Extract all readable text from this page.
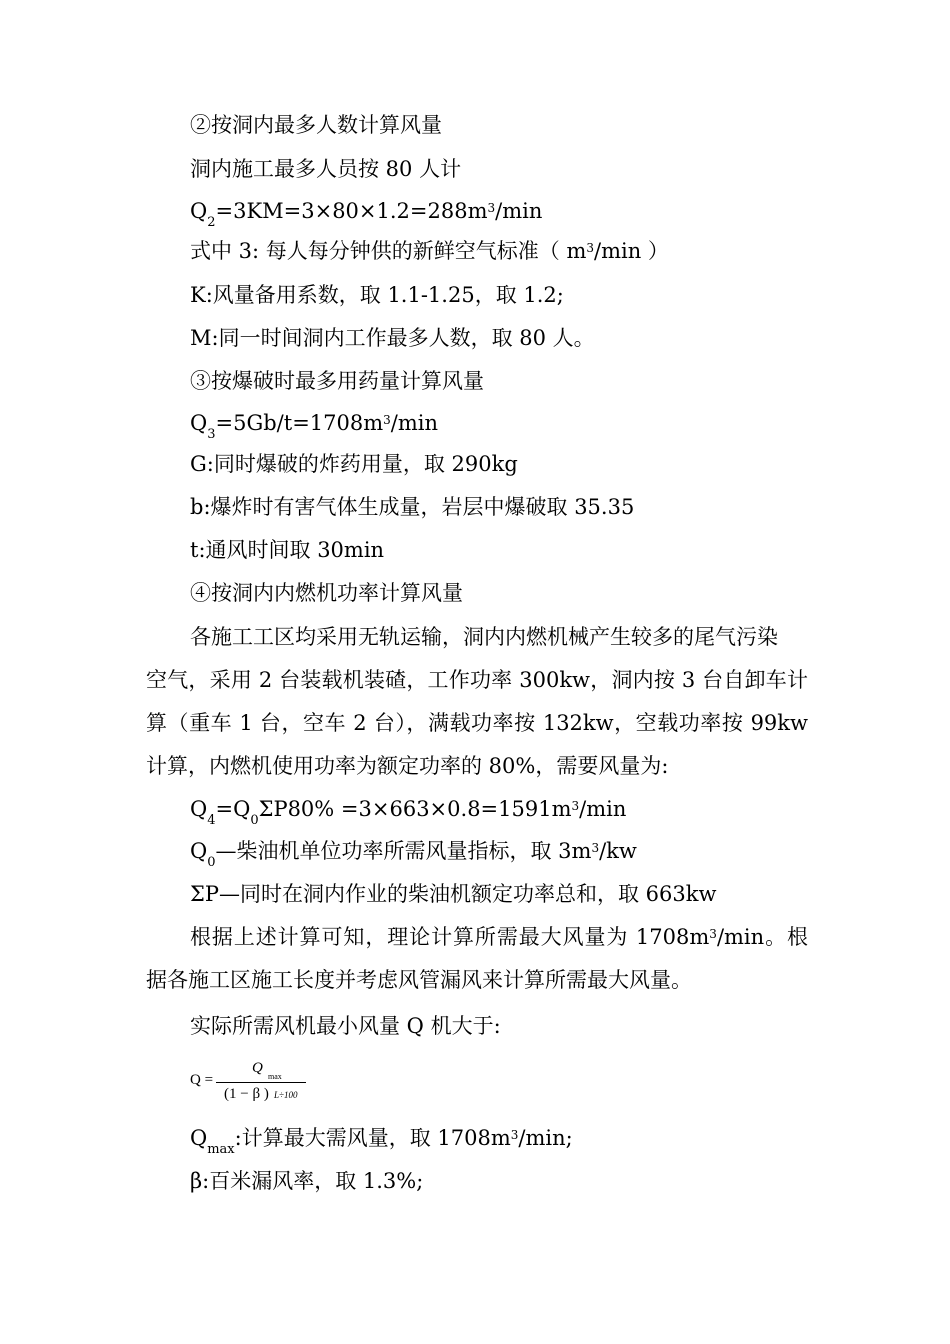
②按洞内最多人数计算风量
洞内施工最多人员按 80 人计
$Q_2=3KM=3\times 80\times 1.2=288m^3/\min$
式中 3: 每人每分钟供的新鲜空气标准（ $m^3/\min$ ）
K:风量备用系数，取 1.1-1.25，取 1.2;
M:同一时间洞内工作最多人数，取 80 人。
③按爆破时最多用药量计算风量
$Q_3=5Gb/t=1708m^3/\min$
G:同时爆破的炸药用量，取 290kg
b:爆炸时有害气体生成量，岩层中爆破取 35.35
t:通风时间取 30min
④按洞内内燃机功率计算风量
各施工工区均采用无轨运输，洞内内燃机械产生较多的尾气污染
空气，采用 2 台装载机装碴，工作功率 300kw，洞内按 3 台自卸车计
算（重车 1 台，空车 2 台），满载功率按 132kw，空载功率按 99kw
计算，内燃机使用功率为额定功率的 80%，需要风量为:
$Q_4=Q_0\Sigma P80\% =3\times 663\times 0.8=1591m^3/\min$
$Q_0—$柴油机单位功率所需风量指标，取 $3m^3/kw$
ΣP—同时在洞内作业的柴油机额定功率总和，取 663kw
根据上述计算可知，理论计算所需最大风量为 $1708m^3/\min$。根
据各施工区施工长度并考虑风管漏风来计算所需最大风量。
实际所需风机最小风量 Q 机大于:
Q =
Q
max
(1 − β ) L÷100
$Q_{max}$:计算最大需风量，取 $1708m^3/\min$;
β:百米漏风率，取 1.3%;
